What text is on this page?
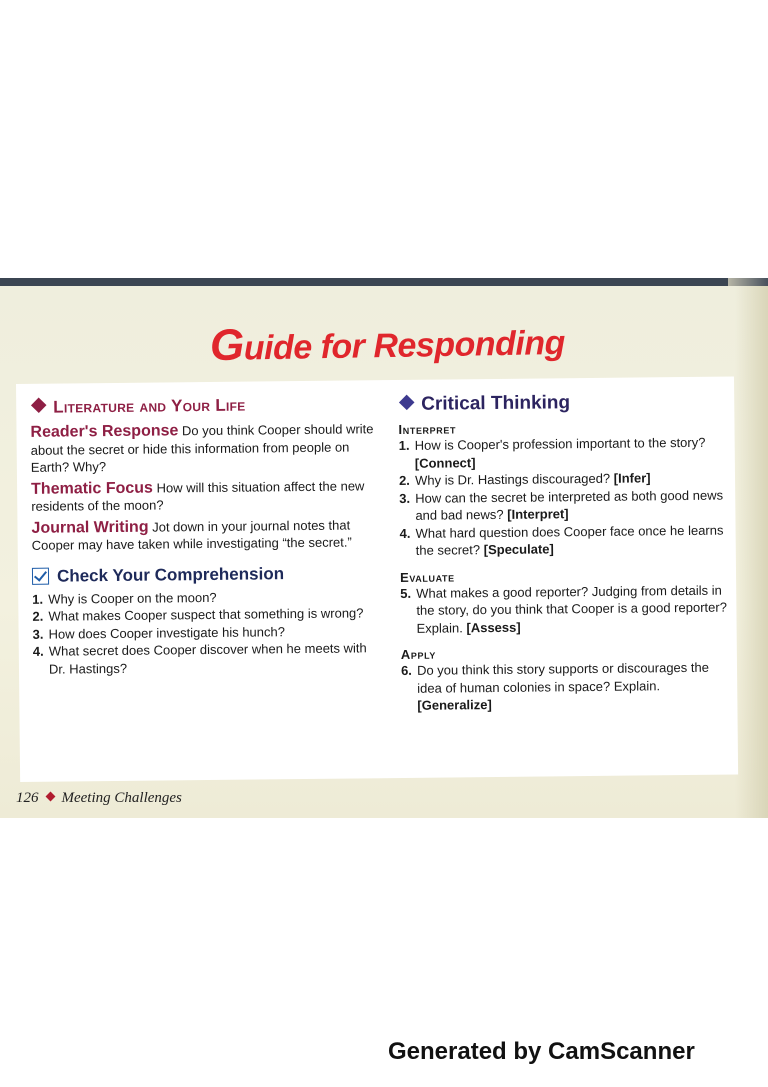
Guide for Responding
Literature and Your Life

Reader's Response Do you think Cooper should write about the secret or hide this information from people on Earth? Why?

Thematic Focus How will this situation affect the new residents of the moon?

Journal Writing Jot down in your journal notes that Cooper may have taken while investigating “the secret.”

Check Your Comprehension
1. Why is Cooper on the moon?
2. What makes Cooper suspect that something is wrong?
3. How does Cooper investigate his hunch?
4. What secret does Cooper discover when he meets with Dr. Hastings?
Critical Thinking
Interpret
1. How is Cooper's profession important to the story? [Connect]
2. Why is Dr. Hastings discouraged? [Infer]
3. How can the secret be interpreted as both good news and bad news? [Interpret]
4. What hard question does Cooper face once he learns the secret? [Speculate]
Evaluate
5. What makes a good reporter? Judging from details in the story, do you think that Cooper is a good reporter? Explain. [Assess]
Apply
6. Do you think this story supports or discourages the idea of human colonies in space? Explain. [Generalize]
126 Meeting Challenges
Generated by CamScanner
